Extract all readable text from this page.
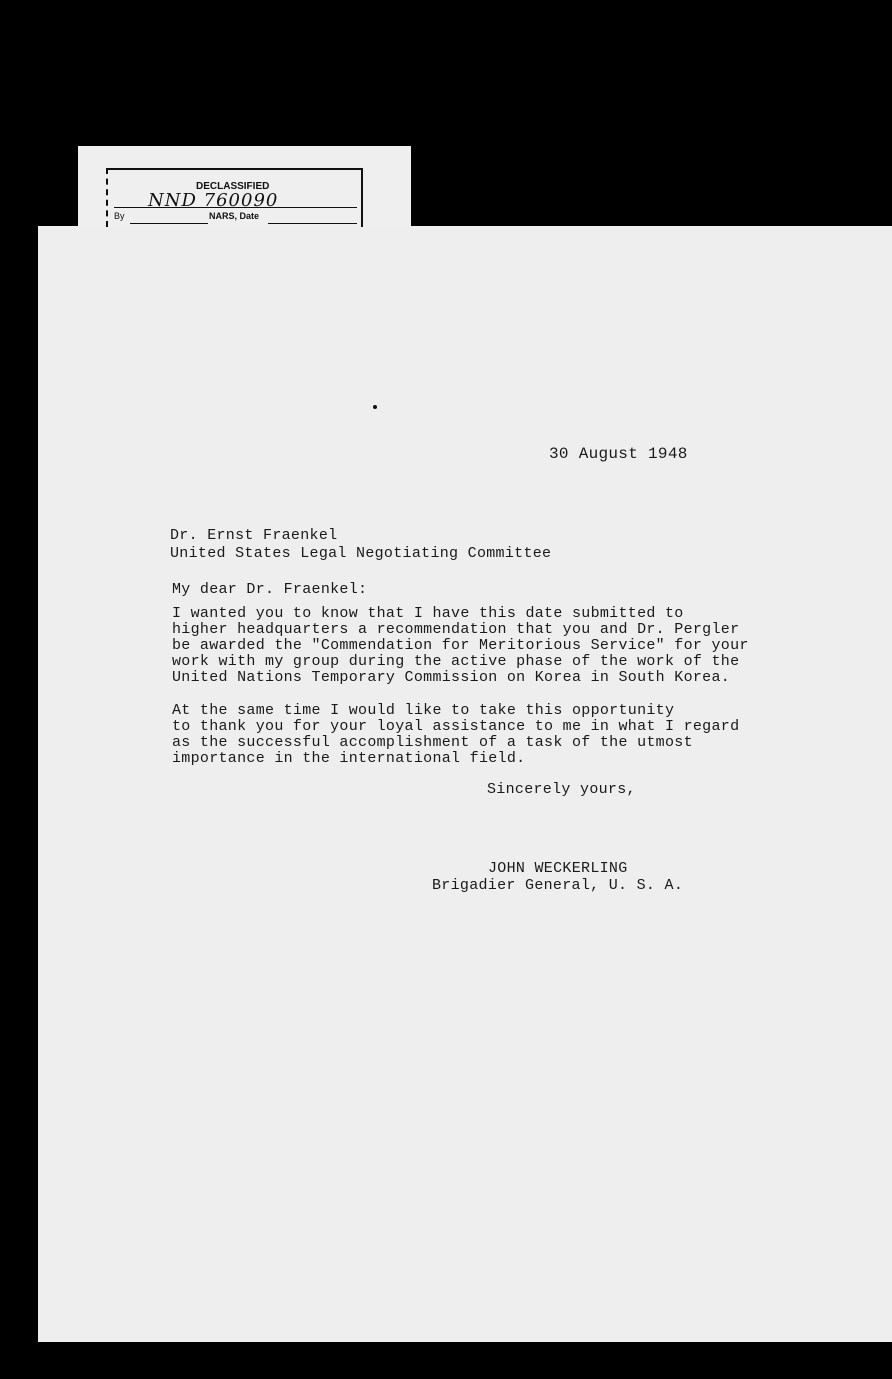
DECLASSIFIED
NND 760090
By	NARS, Date
30 August 1948
Dr. Ernst Fraenkel
United States Legal Negotiating Committee
My dear Dr. Fraenkel:
I wanted you to know that I have this date submitted to
higher headquarters a recommendation that you and Dr. Pergler
be awarded the "Commendation for Meritorious Service" for your
work with my group during the active phase of the work of the
United Nations Temporary Commission on Korea in South Korea.
At the same time I would like to take this opportunity
to thank you for your loyal assistance to me in what I regard
as the successful accomplishment of a task of the utmost
importance in the international field.
Sincerely yours,
JOHN WECKERLING
Brigadier General, U. S. A.
